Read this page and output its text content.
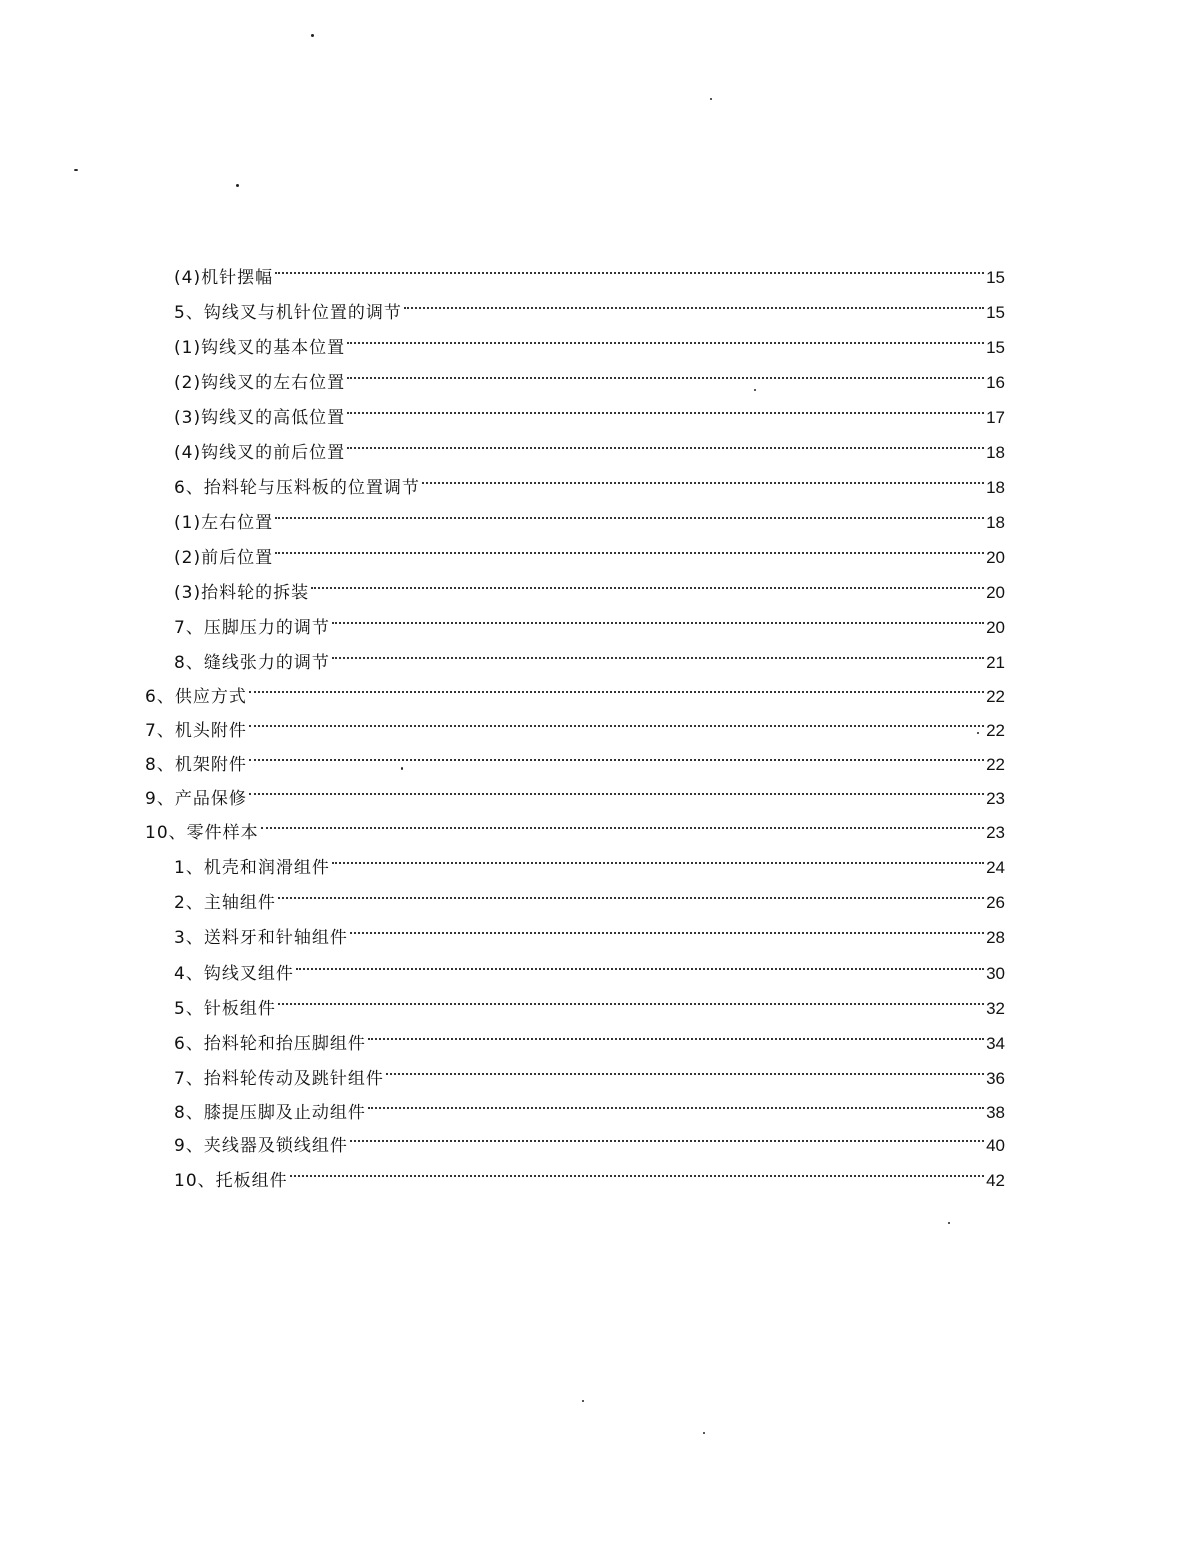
(4)机针摆幅	15
5、钩线叉与机针位置的调节	15
(1)钩线叉的基本位置	15
(2)钩线叉的左右位置	16
(3)钩线叉的高低位置	17
(4)钩线叉的前后位置	18
6、抬料轮与压料板的位置调节	18
(1)左右位置	18
(2)前后位置	20
(3)抬料轮的拆装	20
7、压脚压力的调节	20
8、缝线张力的调节	21
6、供应方式	22
7、机头附件	22
8、机架附件	22
9、产品保修	23
10、零件样本	23
1、机壳和润滑组件	24
2、主轴组件	26
3、送料牙和针轴组件	28
4、钩线叉组件	30
5、针板组件	32
6、抬料轮和抬压脚组件	34
7、抬料轮传动及跳针组件	36
8、膝提压脚及止动组件	38
9、夹线器及锁线组件	40
10、托板组件	42
